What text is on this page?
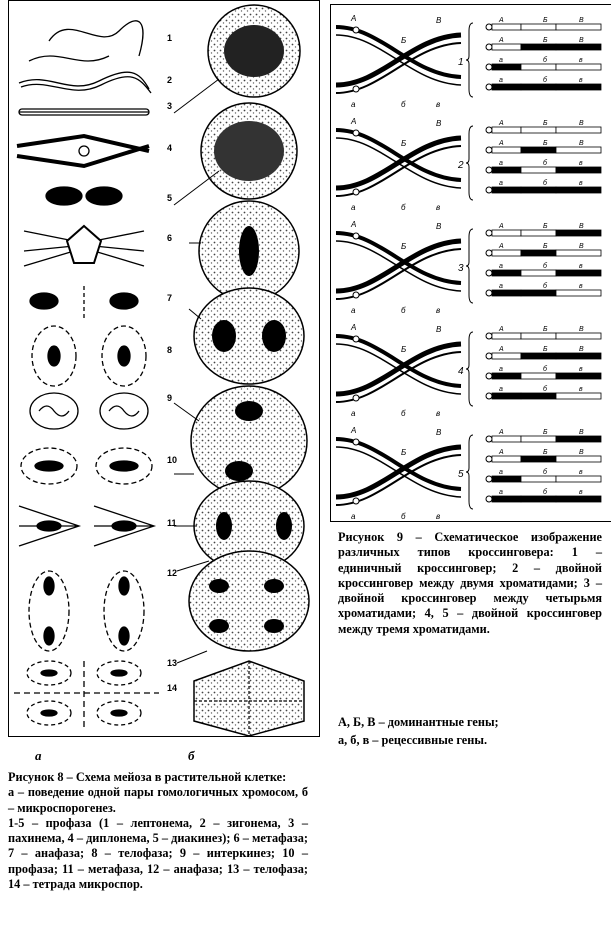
1
2
3
4
5
6
7
8
9
10
11
12
13
14
а	б

Рисунок 8 – Схема мейоза в растительной клетке:

а – поведение одной пары гомологичных хромосом, б – микроспорогенез.

1-5 – профаза (1 – лептонема, 2 – зигонема, 3 – пахинема, 4 – диплонема, 5 – диакинез); 6 – метафаза; 7 – анафаза; 8 – телофаза; 9 – интеркинез; 10 – профаза; 11 – метафаза, 12 – анафаза; 13 – телофаза; 14 – тетрада микроспор.

А
Б
В
а	б	в
1
А	Б	В
А	Б	В
а	б	в
а	б	в
А
Б
В
а	б	в
2
А	Б	В
А	Б	В
а	б	в
а	б	в
А
Б
В
а	б	в
3
А	Б	В
А	Б	В
а	б	в
а	б	в
А
Б
В
а	б	в
4
А	Б	В
А	Б	В
а	б	в
а	б	в
А
Б
В
а	б	в
5
А	Б	В
А	Б	В
а	б	в
а	б	в
Рисунок 9 – Схематическое изображение различных типов кроссинговера: 1 – единичный кроссинговер; 2 – двойной кроссинговер между двумя хроматидами; 3 – двойной кроссинговер между четырьмя хроматидами; 4, 5 – двойной кроссинговер между тремя хроматидами.

А, Б, В – доминантные гены;

а, б, в – рецессивные гены.
